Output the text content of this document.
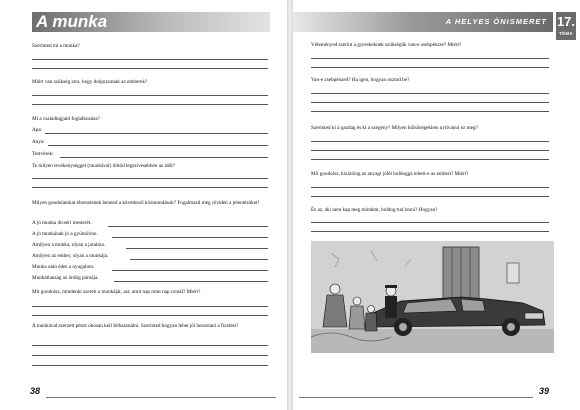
A munka
Szerinted mi a munka?
Miért van szükség arra, hogy dolgozzanak az emberek?
Mi a családtagjaid foglalkozása?
Apa:
Anya:
Testvérek:
Te milyen tevékenységgel (munkával) töltöd legszívesebben az időt?
Milyen gondolatokat ébresztenek benned a következő közmondások? Fogalmazd meg röviden a jelentésüket!
A jó munka dicséri mesterét.
A jó munkának jó a gyümölcse.
Amilyen a munka, olyan a jutalma.
Amilyen az ember, olyan a munkája.
Munka után édes a nyugalom.
Munkátlanság az ördög párnája.
Mit gondolsz, mindenki szereti a munkáját, azt, amit nap mint nap csinál? Miért?
A munkával szerzett pénzt okosan kell felhasználni. Szerinted hogyan lehet jól beosztani a fizetést?
38
A HELYES ÖNISMERET 17.
TÉMA
Véleményed szerint a gyerekeknek szükségük van-e zsebpénzre? Miért?
Van-e zsebpénzed? Ha igen, hogyan osztod be?
Szerinted ki a gazdag és ki a szegény? Milyen külsőségekben nyilvánul ez meg?
Mit gondolsz, kizárólag az anyagi jólét boldoggá teheti-e az embert? Miért?
És az, aki nem kap meg mindent, boldog tud lenni? Hogyan?
39
